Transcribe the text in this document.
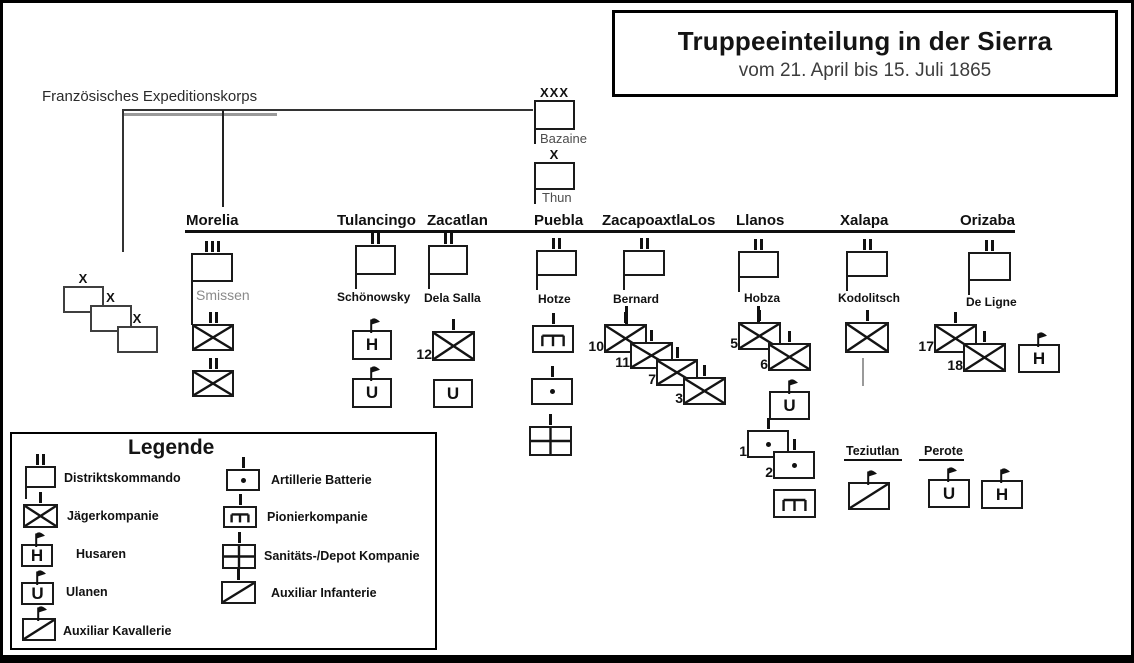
Truppeeinteilung in der Sierra
vom 21. April bis 15. Juli 1865
Französisches Expeditionskorps
Bazaine
Thun
Smissen	Schönowsky Dela Salla	Hotze	Bernard	Hobza	Kodolitsch	De Ligne
Teziutlan Perote
Morelia	Tulancingo Zacatlan	Puebla ZacapoaxtlaLos Llanos	Xalapa	Orizaba
XXX
X
X
X
X
H
U
12
U
10
11
7
3
5
6
U
1
2
17
18	H
U	H
Legende
Distriktskommando
Jägerkompanie
H	Husaren
U	Ulanen
Auxiliar Kavallerie
Artillerie Batterie
Pionierkompanie
Sanitäts-/Depot Kompanie
Auxiliar Infanterie
